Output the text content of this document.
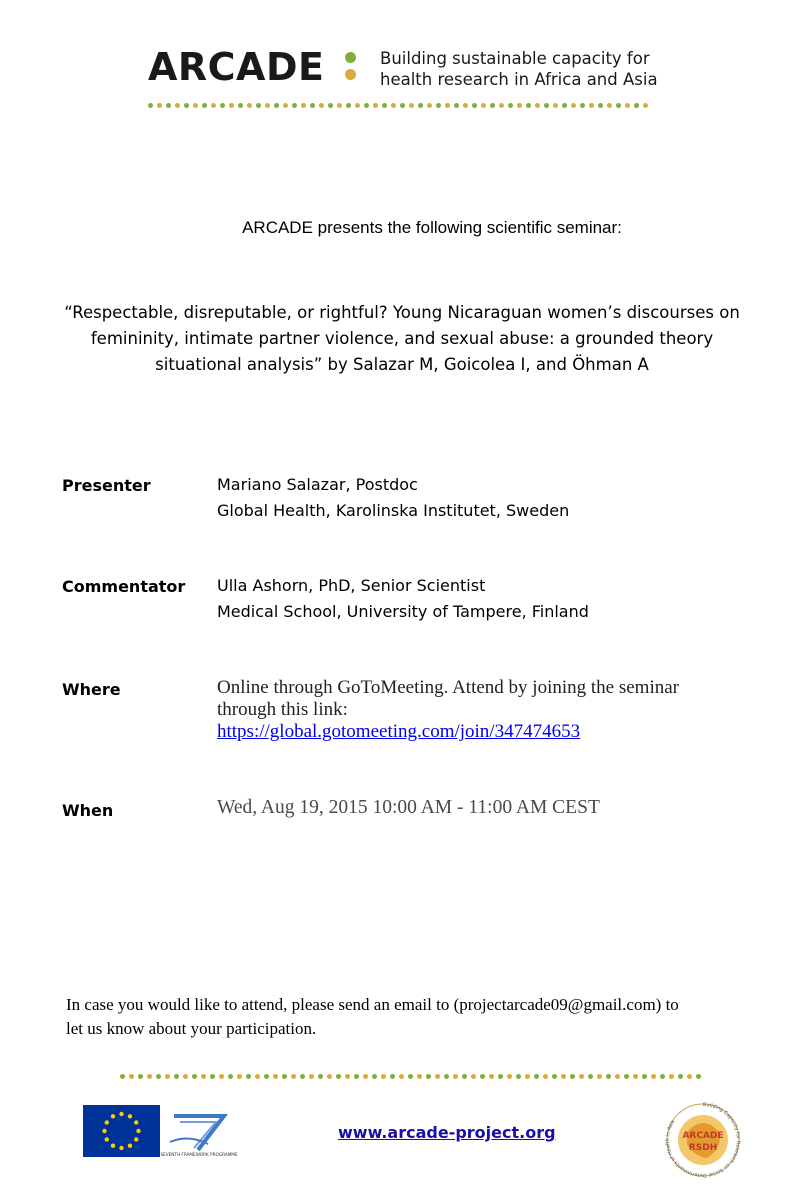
ARCADE	Building sustainable capacity for
health research in Africa and Asia
ARCADE presents the following scientific seminar:
“Respectable, disreputable, or rightful? Young Nicaraguan women’s discourses on
femininity, intimate partner violence, and sexual abuse: a grounded theory
situational analysis” by Salazar M, Goicolea I, and Öhman A
Presenter	Mariano Salazar, Postdoc
Global Health, Karolinska Institutet, Sweden
Commentator Ulla Ashorn, PhD, Senior Scientist
Medical School, University of Tampere, Finland
Where	Online through GoToMeeting. Attend by joining the seminar
through this link:
https://global.gotomeeting.com/join/347474653
When	Wed, Aug 19, 2015 10:00 AM - 11:00 AM CEST
In case you would like to attend, please send an email to (projectarcade09@gmail.com) to
let us know about your participation.
SEVENTH FRAMEWORK PROGRAMME
www.arcade-project.org	ARCADE
RSDH
Building Capacity for Research on Social Determinants of Health in Asia
